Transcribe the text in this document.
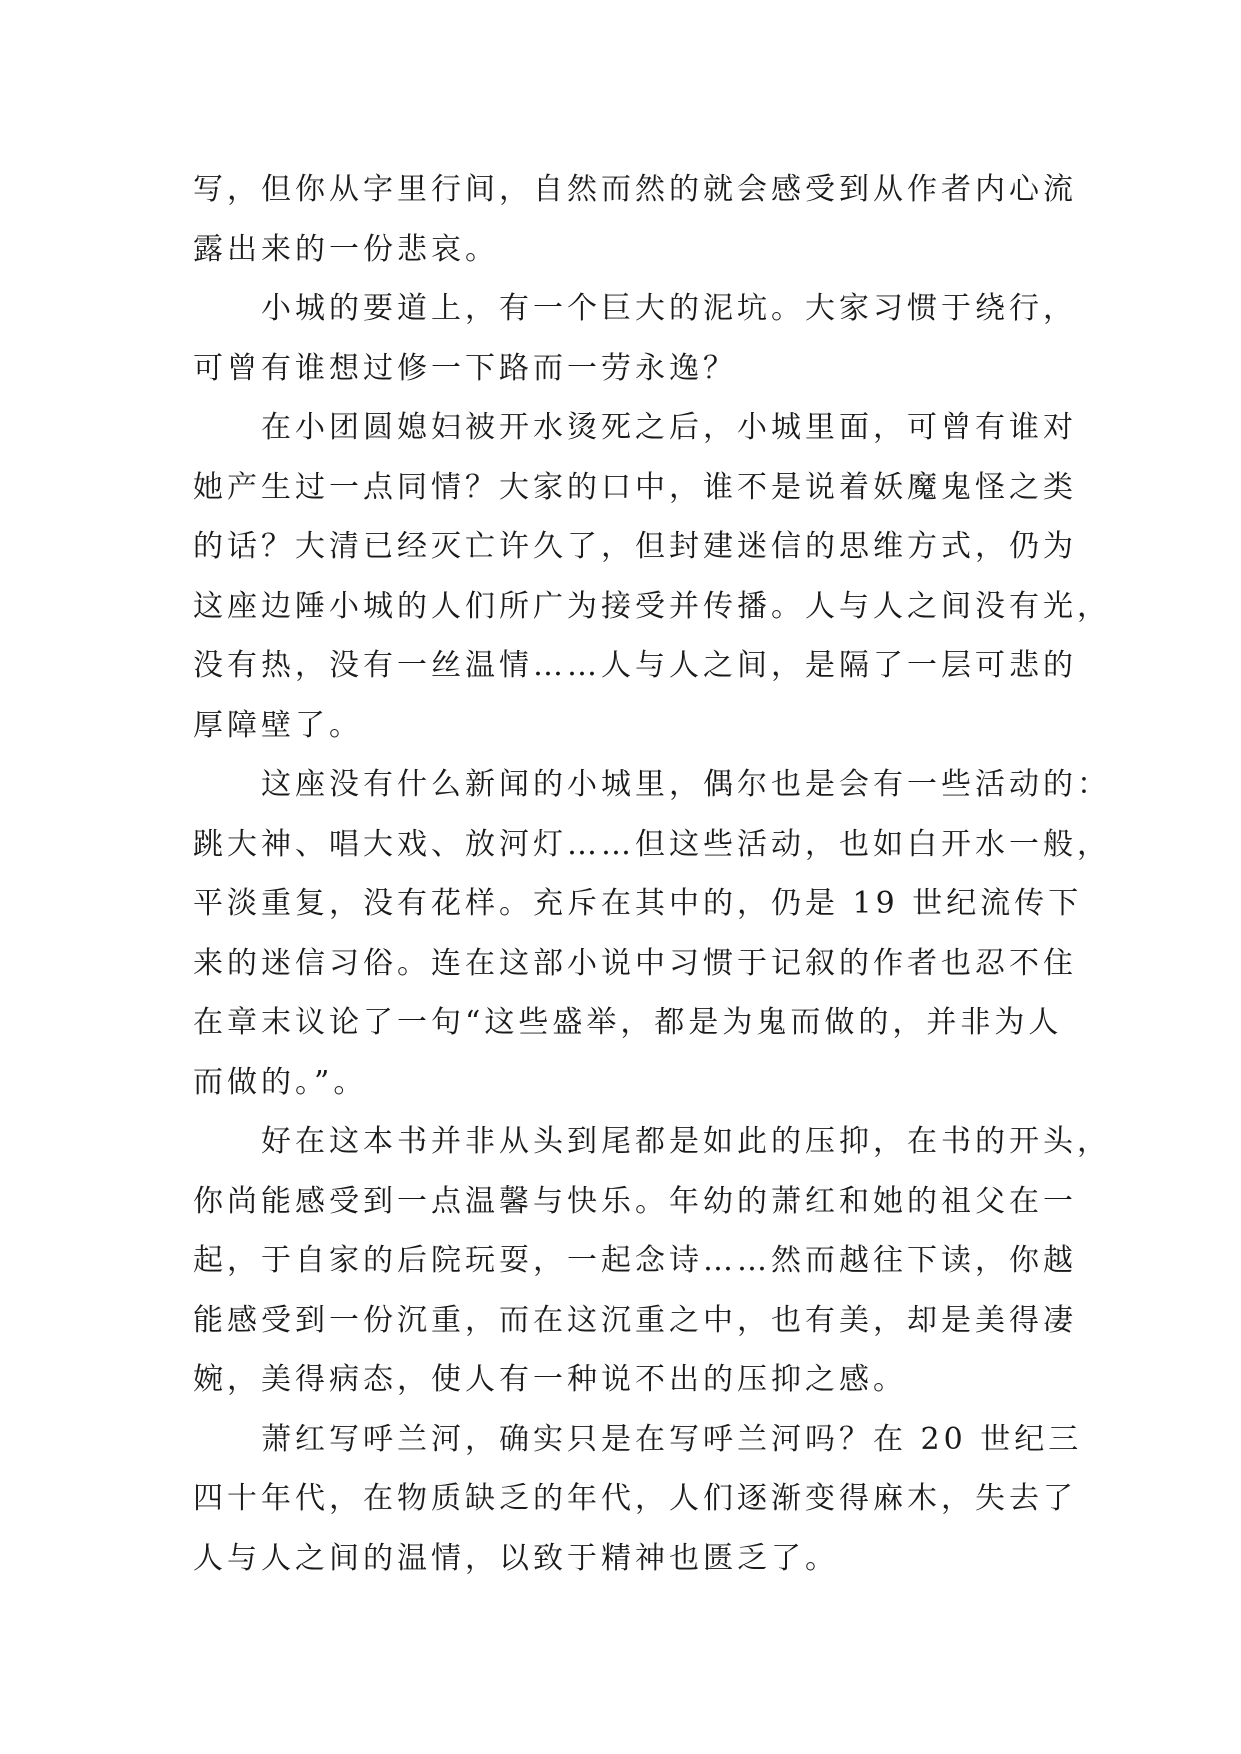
写，但你从字里行间，自然而然的就会感受到从作者内心流
露出来的一份悲哀。
小城的要道上，有一个巨大的泥坑。大家习惯于绕行，
可曾有谁想过修一下路而一劳永逸？
在小团圆媳妇被开水烫死之后，小城里面，可曾有谁对
她产生过一点同情？大家的口中，谁不是说着妖魔鬼怪之类
的话？大清已经灭亡许久了，但封建迷信的思维方式，仍为
这座边陲小城的人们所广为接受并传播。人与人之间没有光，
没有热，没有一丝温情……人与人之间，是隔了一层可悲的
厚障壁了。
这座没有什么新闻的小城里，偶尔也是会有一些活动的：
跳大神、唱大戏、放河灯……但这些活动，也如白开水一般，
平淡重复，没有花样。充斥在其中的，仍是 19 世纪流传下
来的迷信习俗。连在这部小说中习惯于记叙的作者也忍不住
在章末议论了一句“这些盛举，都是为鬼而做的，并非为人
而做的。”。
好在这本书并非从头到尾都是如此的压抑，在书的开头，
你尚能感受到一点温馨与快乐。年幼的萧红和她的祖父在一
起，于自家的后院玩耍，一起念诗……然而越往下读，你越
能感受到一份沉重，而在这沉重之中，也有美，却是美得凄
婉，美得病态，使人有一种说不出的压抑之感。
萧红写呼兰河，确实只是在写呼兰河吗？在 20 世纪三
四十年代，在物质缺乏的年代，人们逐渐变得麻木，失去了
人与人之间的温情，以致于精神也匮乏了。
